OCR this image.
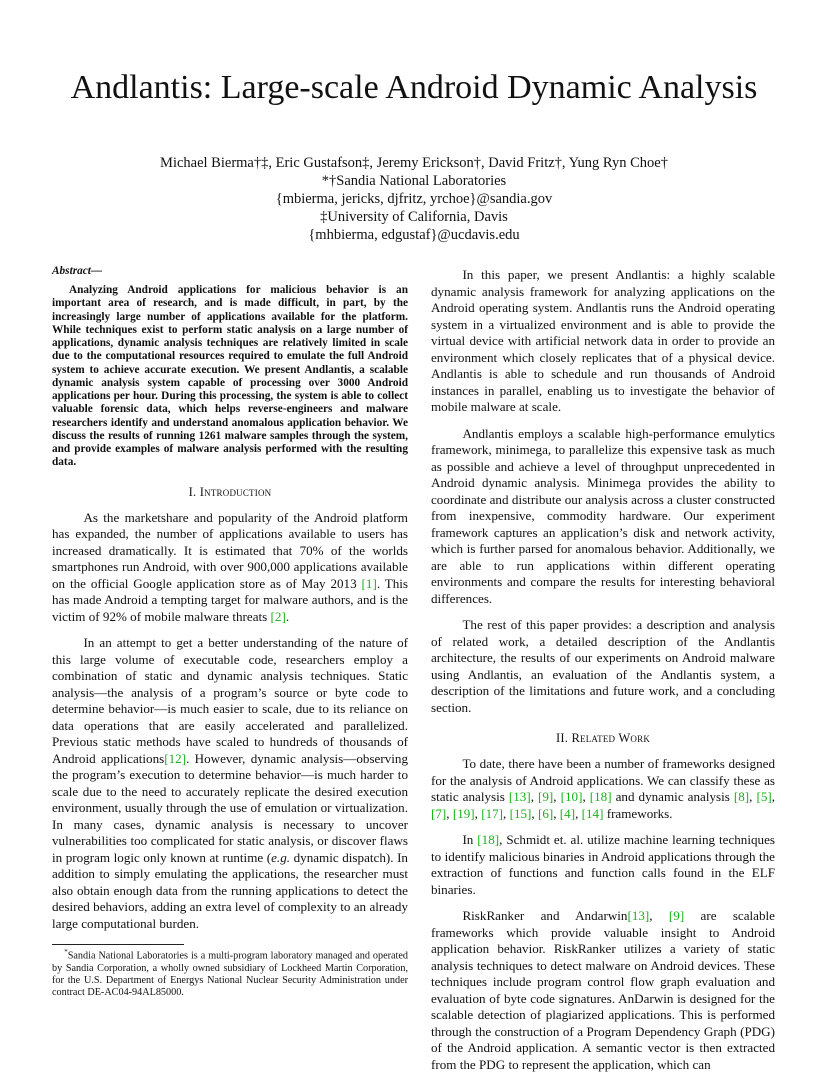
Andlantis: Large-scale Android Dynamic Analysis
Michael Bierma†‡, Eric Gustafson‡, Jeremy Erickson†, David Fritz†, Yung Ryn Choe†
*†Sandia National Laboratories
{mbierma, jericks, djfritz, yrchoe}@sandia.gov
‡University of California, Davis
{mhbierma, edgustaf}@ucdavis.edu

Abstract—

Analyzing Android applications for malicious behavior is an important area of research, and is made difficult, in part, by the increasingly large number of applications available for the platform. While techniques exist to perform static analysis on a large number of applications, dynamic analysis techniques are relatively limited in scale due to the computational resources required to emulate the full Android system to achieve accurate execution. We present Andlantis, a scalable dynamic analysis system capable of processing over 3000 Android applications per hour. During this processing, the system is able to collect valuable forensic data, which helps reverse-engineers and malware researchers identify and understand anomalous application behavior. We discuss the results of running 1261 malware samples through the system, and provide examples of malware analysis performed with the resulting data.

I. Introduction

As the marketshare and popularity of the Android platform has expanded, the number of applications available to users has increased dramatically. It is estimated that 70% of the worlds smartphones run Android, with over 900,000 applications available on the official Google application store as of May 2013 [1]. This has made Android a tempting target for malware authors, and is the victim of 92% of mobile malware threats [2].

In an attempt to get a better understanding of the nature of this large volume of executable code, researchers employ a combination of static and dynamic analysis techniques. Static analysis—the analysis of a program’s source or byte code to determine behavior—is much easier to scale, due to its reliance on data operations that are easily accelerated and parallelized. Previous static methods have scaled to hundreds of thousands of Android applications[12]. However, dynamic analysis—observing the program’s execution to determine behavior—is much harder to scale due to the need to accurately replicate the desired execution environment, usually through the use of emulation or virtualization. In many cases, dynamic analysis is necessary to uncover vulnerabilities too complicated for static analysis, or discover flaws in program logic only known at runtime (e.g. dynamic dispatch). In addition to simply emulating the applications, the researcher must also obtain enough data from the running applications to detect the desired behaviors, adding an extra level of complexity to an already large computational burden.

*Sandia National Laboratories is a multi-program laboratory managed and operated by Sandia Corporation, a wholly owned subsidiary of Lockheed Martin Corporation, for the U.S. Department of Energys National Nuclear Security Administration under contract DE-AC04-94AL85000.

In this paper, we present Andlantis: a highly scalable dynamic analysis framework for analyzing applications on the Android operating system. Andlantis runs the Android operating system in a virtualized environment and is able to provide the virtual device with artificial network data in order to provide an environment which closely replicates that of a physical device. Andlantis is able to schedule and run thousands of Android instances in parallel, enabling us to investigate the behavior of mobile malware at scale.

Andlantis employs a scalable high-performance emulytics framework, minimega, to parallelize this expensive task as much as possible and achieve a level of throughput unprecedented in Android dynamic analysis. Minimega provides the ability to coordinate and distribute our analysis across a cluster constructed from inexpensive, commodity hardware. Our experiment framework captures an application’s disk and network activity, which is further parsed for anomalous behavior. Additionally, we are able to run applications within different operating environments and compare the results for interesting behavioral differences.

The rest of this paper provides: a description and analysis of related work, a detailed description of the Andlantis architecture, the results of our experiments on Android malware using Andlantis, an evaluation of the Andlantis system, a description of the limitations and future work, and a concluding section.

II. Related Work

To date, there have been a number of frameworks designed for the analysis of Android applications. We can classify these as static analysis [13], [9], [10], [18] and dynamic analysis [8], [5], [7], [19], [17], [15], [6], [4], [14] frameworks.

In [18], Schmidt et. al. utilize machine learning techniques to identify malicious binaries in Android applications through the extraction of functions and function calls found in the ELF binaries.

RiskRanker and Andarwin[13], [9] are scalable frameworks which provide valuable insight to Android application behavior. RiskRanker utilizes a variety of static analysis techniques to detect malware on Android devices. These techniques include program control flow graph evaluation and evaluation of byte code signatures. AnDarwin is designed for the scalable detection of plagiarized applications. This is performed through the construction of a Program Dependency Graph (PDG) of the Android application. A semantic vector is then extracted from the PDG to represent the application, which can
